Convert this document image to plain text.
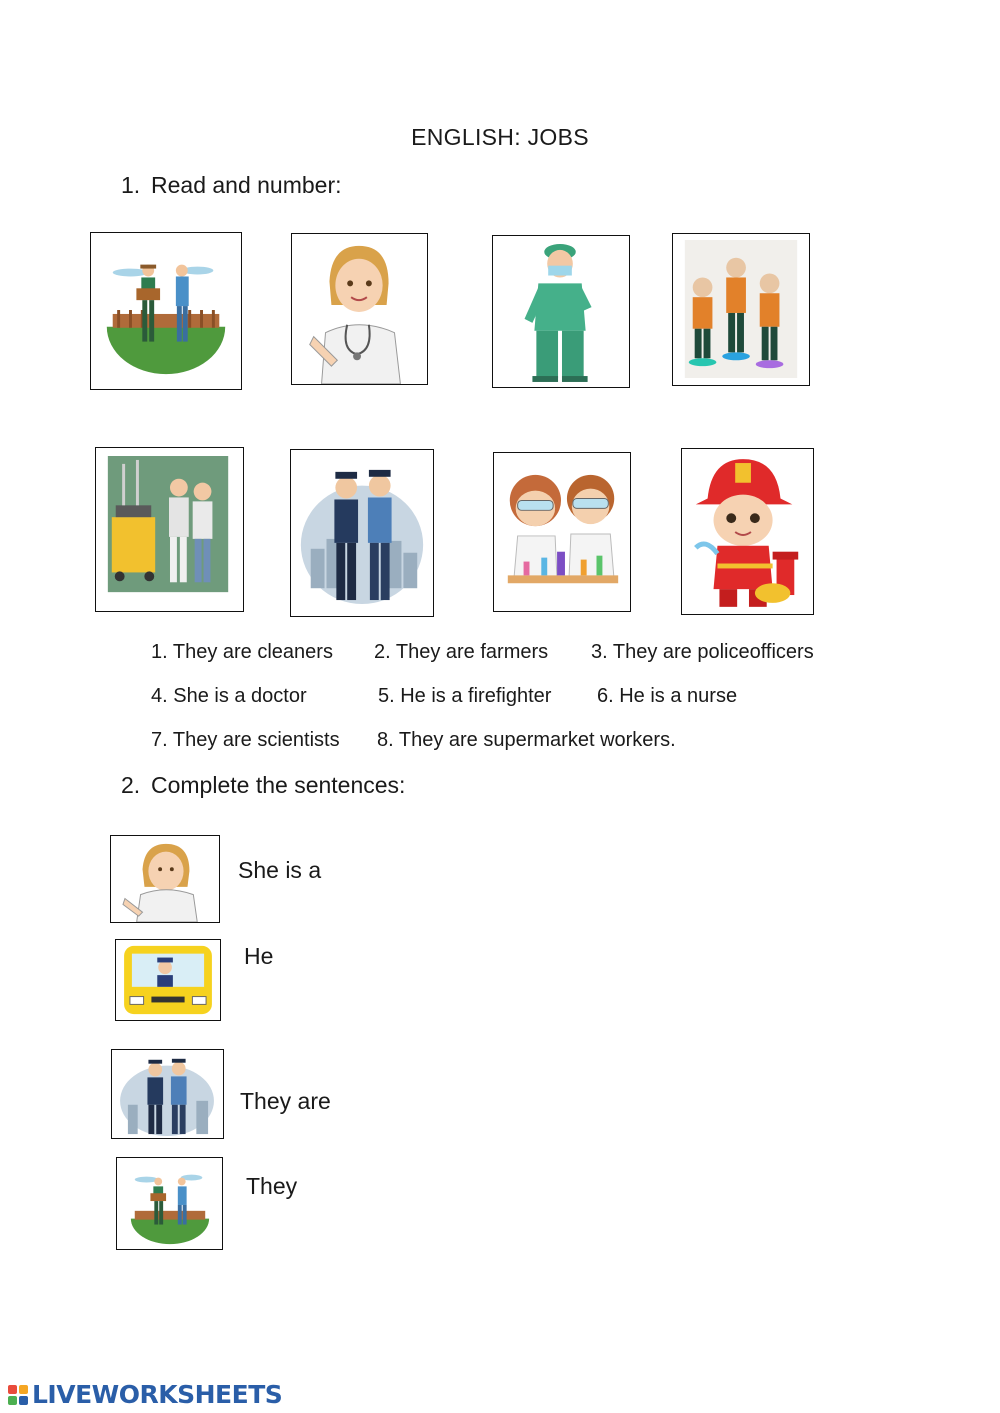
ENGLISH: JOBS
1. Read and number:
1. They are cleaners 2. They are farmers 3. They are policeofficers
4. She is a doctor	5. He is a firefighter 6. He is a nurse
7. They are scientists 8. They are supermarket workers.
2. Complete the sentences:
She is a
He
They are
They
LIVEWORKSHEETS
